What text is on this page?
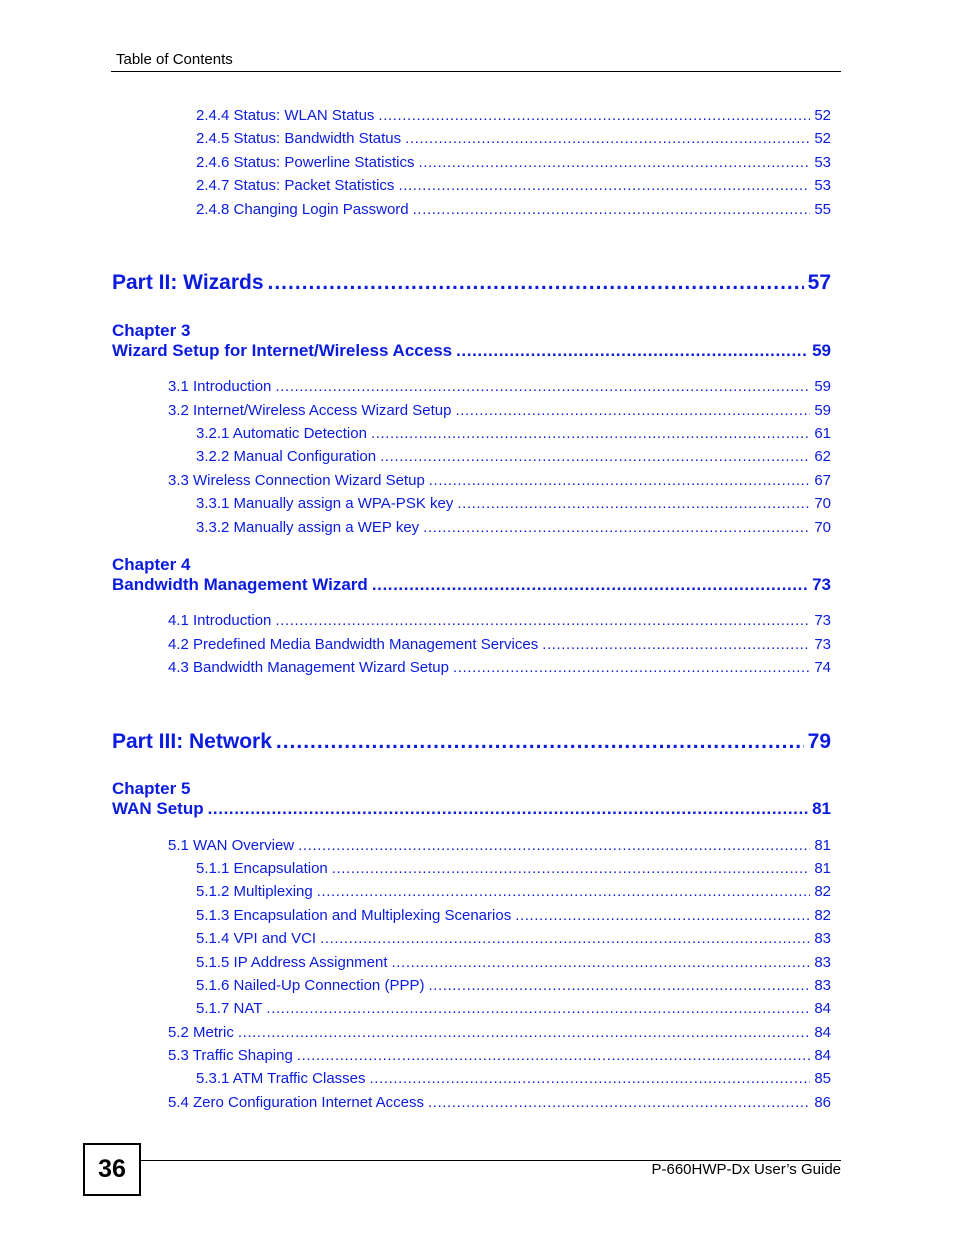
Table of Contents
2.4.4 Status: WLAN Status .....	52
2.4.5 Status: Bandwidth Status .....	52
2.4.6 Status: Powerline Statistics .....	53
2.4.7 Status: Packet Statistics .....	53
2.4.8 Changing Login Password .....	55
Part II: Wizards .....	57
Chapter 3
Wizard Setup for Internet/Wireless Access .....	59
3.1 Introduction .....	59
3.2 Internet/Wireless Access Wizard Setup .....	59
3.2.1 Automatic Detection .....	61
3.2.2 Manual Configuration .....	62
3.3 Wireless Connection Wizard Setup .....	67
3.3.1 Manually assign a WPA-PSK key .....	70
3.3.2 Manually assign a WEP key .....	70
Chapter 4
Bandwidth Management Wizard .....	73
4.1 Introduction .....	73
4.2 Predefined Media Bandwidth Management Services .....	73
4.3 Bandwidth Management Wizard Setup .....	74
Part III: Network .....	79
Chapter 5
WAN Setup .....	81
5.1 WAN Overview .....	81
5.1.1 Encapsulation .....	81
5.1.2 Multiplexing .....	82
5.1.3 Encapsulation and Multiplexing Scenarios .....	82
5.1.4 VPI and VCI .....	83
5.1.5 IP Address Assignment .....	83
5.1.6 Nailed-Up Connection (PPP) .....	83
5.1.7 NAT .....	84
5.2 Metric .....	84
5.3 Traffic Shaping .....	84
5.3.1 ATM Traffic Classes .....	85
5.4 Zero Configuration Internet Access .....	86
36	P-660HWP-Dx User’s Guide
